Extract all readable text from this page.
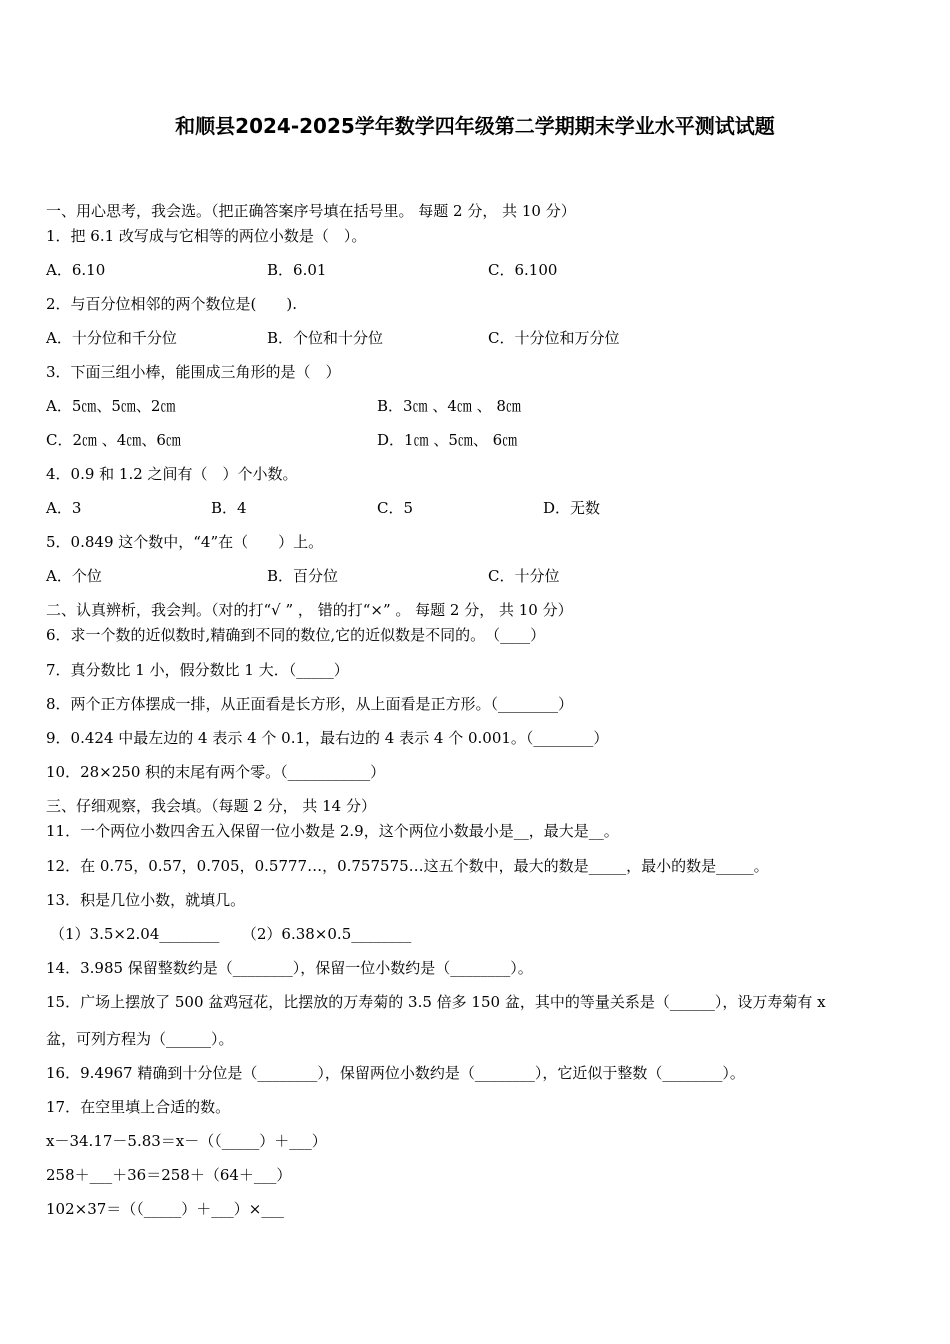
和顺县2024-2025学年数学四年级第二学期期末学业水平测试试题
一、用心思考，我会选。（把正确答案序号填在括号里。 每题 2 分， 共 10 分）
1．把 6.1 改写成与它相等的两位小数是（　）。
A．6.10	B．6.01	C．6.100
2．与百分位相邻的两个数位是(　　).
A．十分位和千分位	B．个位和十分位	C．十分位和万分位
3．下面三组小棒，能围成三角形的是（　）
A．5㎝、5㎝、2㎝	B．3㎝ 、4㎝ 、 8㎝
C．2㎝ 、4㎝、6㎝	D．1㎝ 、5㎝、 6㎝
4．0.9 和 1.2 之间有（　）个小数。
A．3	B．4	C．5	D．无数
5．0.849 这个数中，“4”在（　　）上。
A．个位	B．百分位	C．十分位
二、认真辨析，我会判。（对的打“√ ” ， 错的打“×” 。 每题 2 分， 共 10 分）
6．求一个数的近似数时,精确到不同的数位,它的近似数是不同的。　（____）
7．真分数比 1 小，假分数比 1 大．（_____）
8．两个正方体摆成一排，从正面看是长方形，从上面看是正方形。（________）
9．0.424 中最左边的 4 表示 4 个 0.1，最右边的 4 表示 4 个 0.001。（________）
10．28×250 积的末尾有两个零。（___________）
三、仔细观察，我会填。（每题 2 分， 共 14 分）
11．一个两位小数四舍五入保留一位小数是 2.9，这个两位小数最小是__，最大是__。
12．在 0.75，0.57，0.705，0.5777…，0.757575…这五个数中，最大的数是_____，最小的数是_____。
13．积是几位小数，就填几。
（1）3.5×2.04________　　（2）6.38×0.5________
14．3.985 保留整数约是（________），保留一位小数约是（________）。
15．广场上摆放了 500 盆鸡冠花，比摆放的万寿菊的 3.5 倍多 150 盆，其中的等量关系是（______），设万寿菊有 x
盆，可列方程为（______）。
16．9.4967 精确到十分位是（________），保留两位小数约是（________），它近似于整数（________）。
17．在空里填上合适的数。
x－34.17－5.83＝x－（（_____）＋___）
258＋___＋36＝258＋（64＋___）
102×37＝（（_____）＋___）×___
